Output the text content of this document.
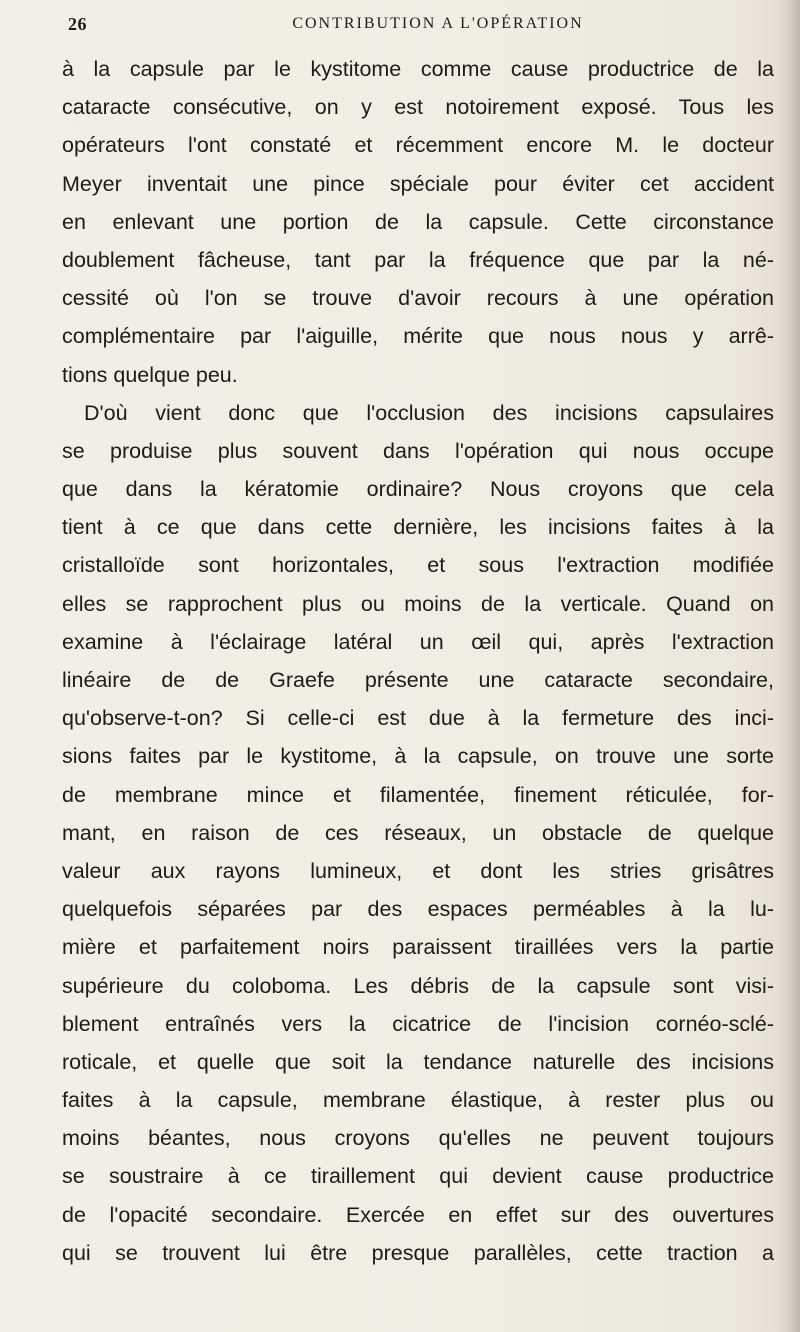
26	CONTRIBUTION A L'OPÉRATION
à la capsule par le kystitome comme cause productrice de la
cataracte consécutive, on y est notoirement exposé. Tous les
opérateurs l'ont constaté et récemment encore M. le docteur
Meyer inventait une pince spéciale pour éviter cet accident
en enlevant une portion de la capsule. Cette circonstance
doublement fâcheuse, tant par la fréquence que par la né-
cessité où l'on se trouve d'avoir recours à une opération
complémentaire par l'aiguille, mérite que nous nous y arrê-
tions quelque peu.
D'où vient donc que l'occlusion des incisions capsulaires
se produise plus souvent dans l'opération qui nous occupe
que dans la kératomie ordinaire? Nous croyons que cela
tient à ce que dans cette dernière, les incisions faites à la
cristalloïde sont horizontales, et sous l'extraction modifiée
elles se rapprochent plus ou moins de la verticale. Quand on
examine à l'éclairage latéral un œil qui, après l'extraction
linéaire de de Graefe présente une cataracte secondaire,
qu'observe-t-on? Si celle-ci est due à la fermeture des inci-
sions faites par le kystitome, à la capsule, on trouve une sorte
de membrane mince et filamentée, finement réticulée, for-
mant, en raison de ces réseaux, un obstacle de quelque
valeur aux rayons lumineux, et dont les stries grisâtres
quelquefois séparées par des espaces perméables à la lu-
mière et parfaitement noirs paraissent tiraillées vers la partie
supérieure du coloboma. Les débris de la capsule sont visi-
blement entraînés vers la cicatrice de l'incision cornéo-sclé-
roticale, et quelle que soit la tendance naturelle des incisions
faites à la capsule, membrane élastique, à rester plus ou
moins béantes, nous croyons qu'elles ne peuvent toujours
se soustraire à ce tiraillement qui devient cause productrice
de l'opacité secondaire. Exercée en effet sur des ouvertures
qui se trouvent lui être presque parallèles, cette traction a
